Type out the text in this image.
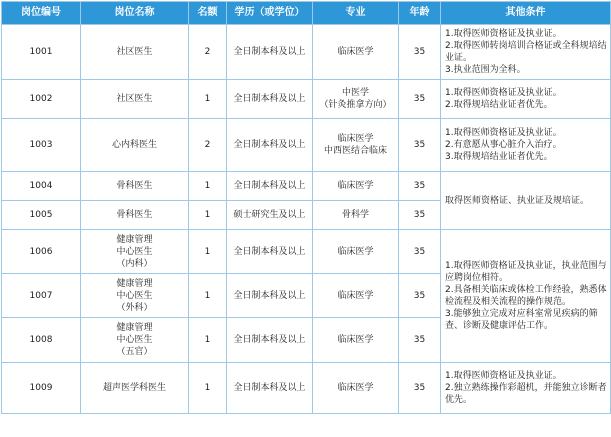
岗位编号	岗位名称	名额	学历（或学位）	专业	年龄	其他条件
1001	社区医生	2	全日制本科及以上	临床医学	35	1.取得医师资格证及执业证。
2.取得医师转岗培训合格证或全科规培结业证。
3.执业范围为全科。
1002	社区医生	1	全日制本科及以上	中医学
（针灸推拿方向）	35	1.取得医师资格证及执业证。
2.取得规培结业证者优先。
1003	心内科医生	2	全日制本科及以上	临床医学
中西医结合临床	35	1.取得医师资格证及执业证。
2.有意愿从事心脏介入治疗。
3.取得规培结业证者优先。
1004	骨科医生	1	全日制本科及以上	临床医学	35	取得医师资格证、执业证及规培证。
1005	骨科医生	1	硕士研究生及以上	骨科学	35	
1006	健康管理
中心医生
（内科）	1	全日制本科及以上	临床医学	35	1.取得医师资格证及执业证，执业范围与应聘岗位相符。
2.具备相关临床或体检工作经验，熟悉体检流程及相关流程的操作规范。
3.能够独立完成对应科室常见疾病的筛查、诊断及健康评估工作。
1007	健康管理
中心医生
（外科）	1	全日制本科及以上	临床医学	35	
1008	健康管理
中心医生
（五官）	1	全日制本科及以上	临床医学	35	
1009	超声医学科医生	1	全日制本科及以上	临床医学	35	1.取得医师资格证及执业证。
2.独立熟练操作彩超机，并能独立诊断者优先。
